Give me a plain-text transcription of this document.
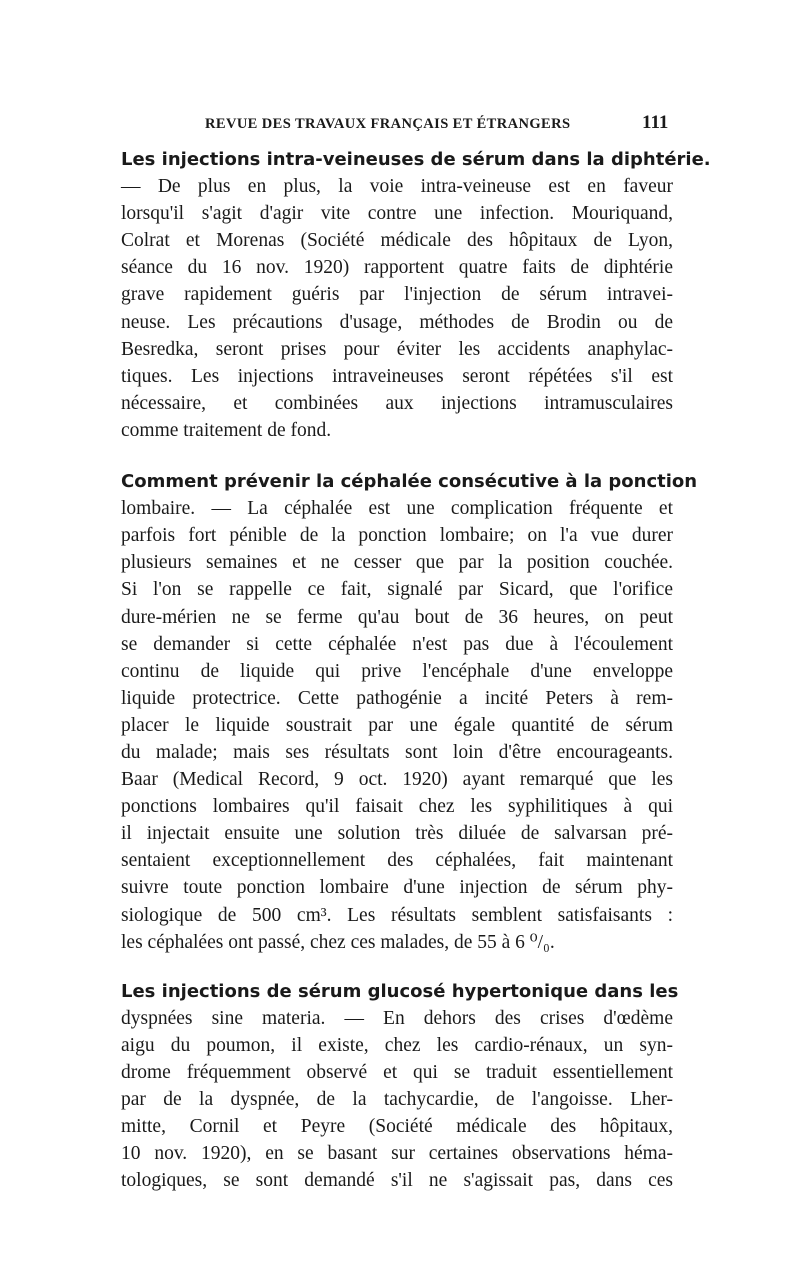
REVUE DES TRAVAUX FRANÇAIS ET ÉTRANGERS	111
Les injections intra-veineuses de sérum dans la diphtérie.
— De plus en plus, la voie intra-veineuse est en faveur
lorsqu'il s'agit d'agir vite contre une infection. Mouriquand,
Colrat et Morenas (Société médicale des hôpitaux de Lyon,
séance du 16 nov. 1920) rapportent quatre faits de diphtérie
grave rapidement guéris par l'injection de sérum intravei-
neuse. Les précautions d'usage, méthodes de Brodin ou de
Besredka, seront prises pour éviter les accidents anaphylac-
tiques. Les injections intraveineuses seront répétées s'il est
nécessaire, et combinées aux injections intramusculaires
comme traitement de fond.
Comment prévenir la céphalée consécutive à la ponction
lombaire. — La céphalée est une complication fréquente et
parfois fort pénible de la ponction lombaire; on l'a vue durer
plusieurs semaines et ne cesser que par la position couchée.
Si l'on se rappelle ce fait, signalé par Sicard, que l'orifice
dure-mérien ne se ferme qu'au bout de 36 heures, on peut
se demander si cette céphalée n'est pas due à l'écoulement
continu de liquide qui prive l'encéphale d'une enveloppe
liquide protectrice. Cette pathogénie a incité Peters à rem-
placer le liquide soustrait par une égale quantité de sérum
du malade; mais ses résultats sont loin d'être encourageants.
Baar (Medical Record, 9 oct. 1920) ayant remarqué que les
ponctions lombaires qu'il faisait chez les syphilitiques à qui
il injectait ensuite une solution très diluée de salvarsan pré-
sentaient exceptionnellement des céphalées, fait maintenant
suivre toute ponction lombaire d'une injection de sérum phy-
siologique de 500 cm³. Les résultats semblent satisfaisants :
les céphalées ont passé, chez ces malades, de 55 à 6 ⁰/₀.
Les injections de sérum glucosé hypertonique dans les
dyspnées sine materia. — En dehors des crises d'œdème
aigu du poumon, il existe, chez les cardio-rénaux, un syn-
drome fréquemment observé et qui se traduit essentiellement
par de la dyspnée, de la tachycardie, de l'angoisse. Lher-
mitte, Cornil et Peyre (Société médicale des hôpitaux,
10 nov. 1920), en se basant sur certaines observations héma-
tologiques, se sont demandé s'il ne s'agissait pas, dans ces
